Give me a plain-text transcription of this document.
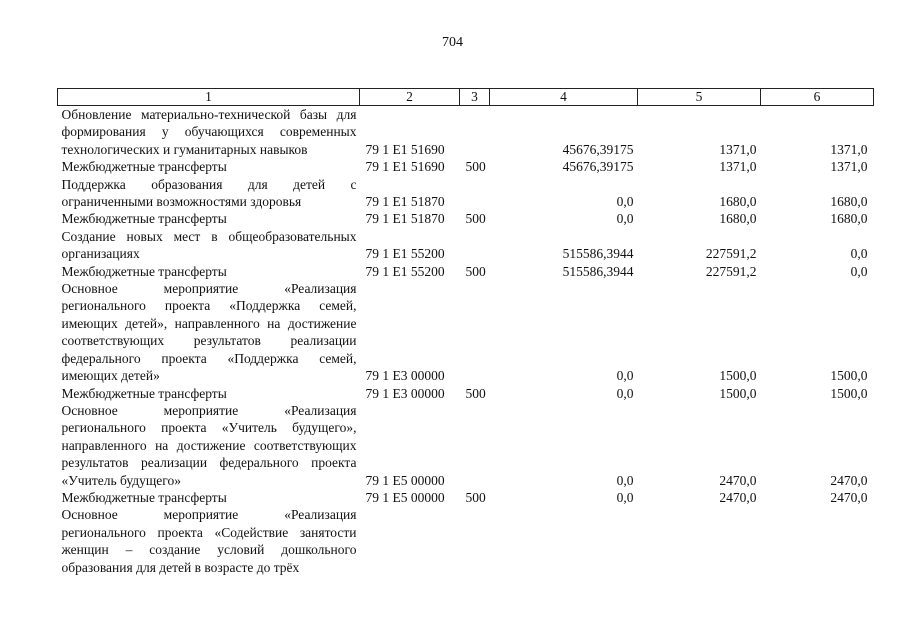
704
1	2	3	4	5	6
Обновление материально-технической базы для формирования у обучающихся современных технологических и гуманитарных навыков	79 1 E1 51690		45676,39175	1371,0	1371,0
Межбюджетные трансферты	79 1 E1 51690	500	45676,39175	1371,0	1371,0
Поддержка образования для детей с ограниченными возможностями здоровья	79 1 E1 51870		0,0	1680,0	1680,0
Межбюджетные трансферты	79 1 E1 51870	500	0,0	1680,0	1680,0
Создание новых мест в общеобразовательных организациях	79 1 E1 55200		515586,3944	227591,2	0,0
Межбюджетные трансферты	79 1 E1 55200	500	515586,3944	227591,2	0,0
Основное мероприятие «Реализация регионального проекта «Поддержка семей, имеющих детей», направленного на достижение соответствующих результатов реализации федерального проекта «Поддержка семей, имеющих детей»	79 1 E3 00000		0,0	1500,0	1500,0
Межбюджетные трансферты	79 1 E3 00000	500	0,0	1500,0	1500,0
Основное мероприятие «Реализация регионального проекта «Учитель будущего», направленного на достижение соответствующих результатов реализации федерального проекта «Учитель будущего»	79 1 E5 00000		0,0	2470,0	2470,0
Межбюджетные трансферты	79 1 E5 00000	500	0,0	2470,0	2470,0
Основное мероприятие «Реализация регионального проекта «Содействие занятости женщин – создание условий дошкольного образования для детей в возрасте до трёх					
